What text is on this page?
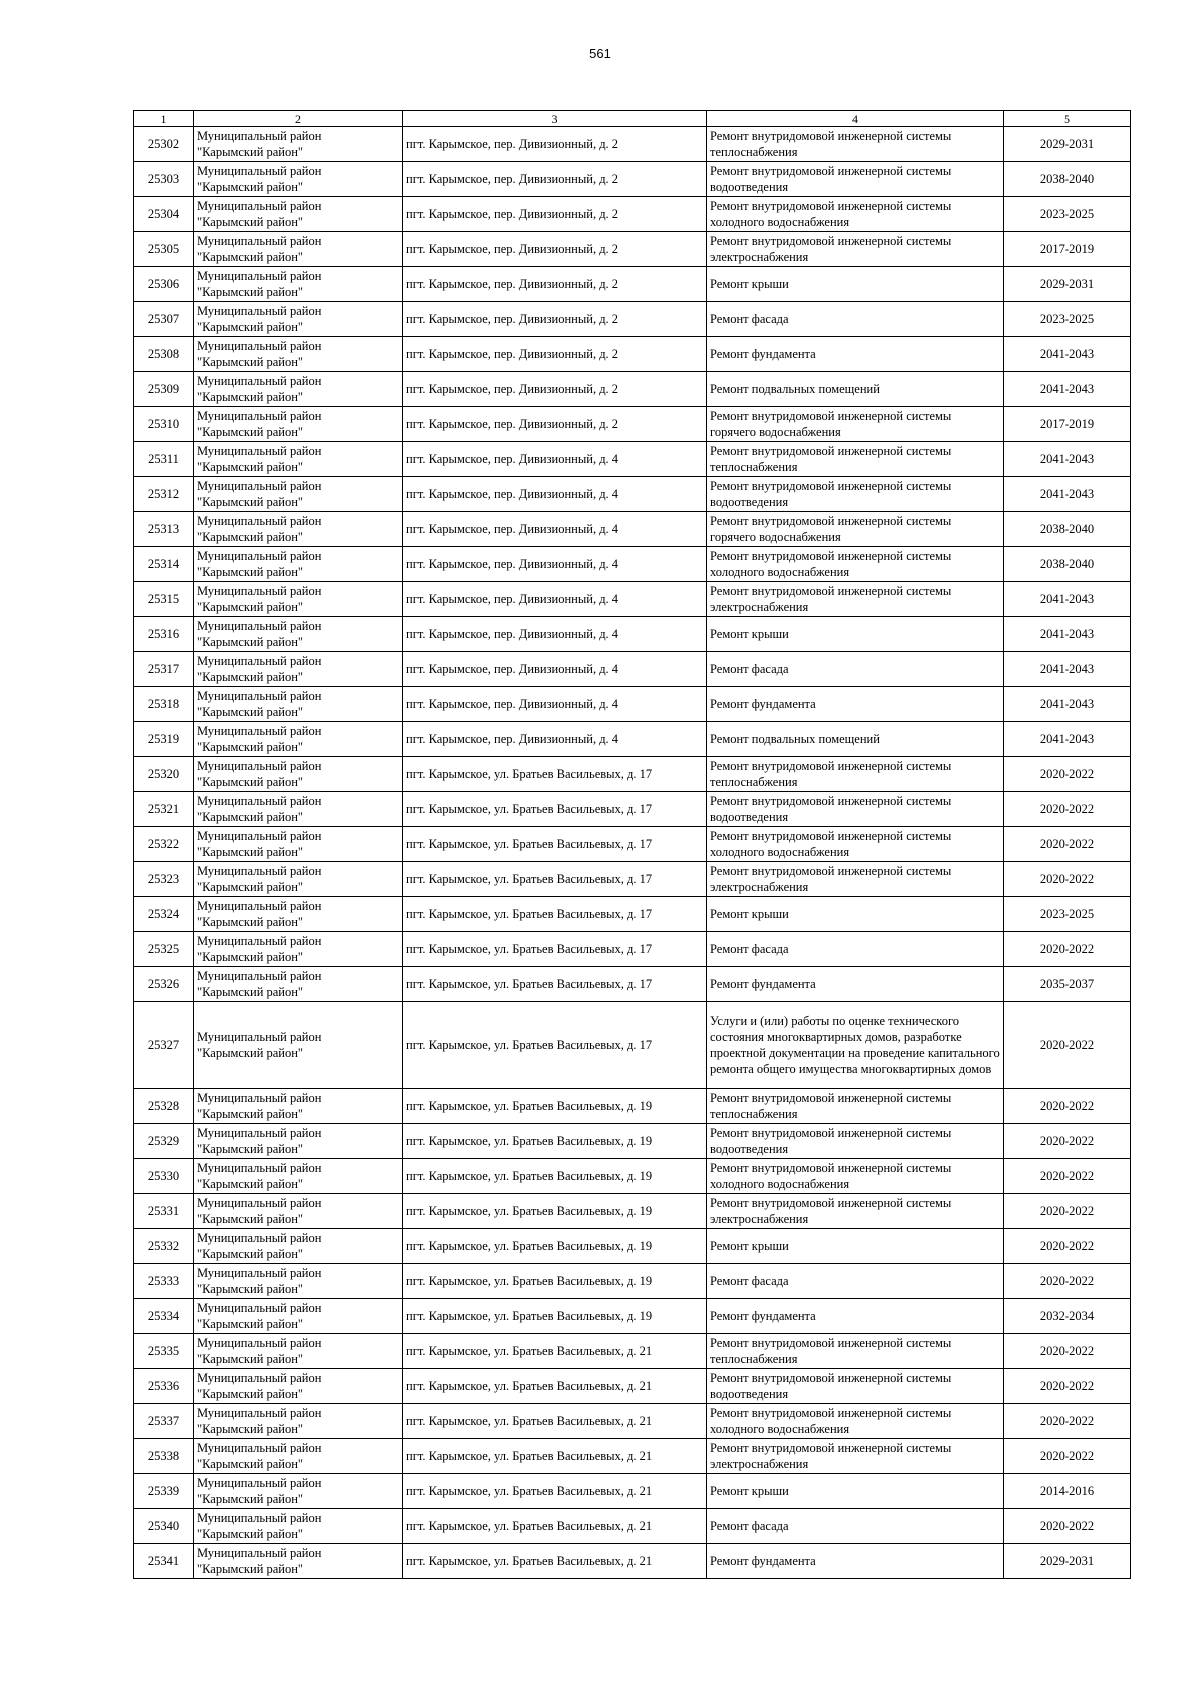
561
1	2	3	4	5
25302	Муниципальный район
"Карымский район"	пгт. Карымское, пер. Дивизионный, д. 2	Ремонт внутридомовой инженерной системы теплоснабжения	2029-2031
25303	Муниципальный район
"Карымский район"	пгт. Карымское, пер. Дивизионный, д. 2	Ремонт внутридомовой инженерной системы водоотведения	2038-2040
25304	Муниципальный район
"Карымский район"	пгт. Карымское, пер. Дивизионный, д. 2	Ремонт внутридомовой инженерной системы холодного водоснабжения	2023-2025
25305	Муниципальный район
"Карымский район"	пгт. Карымское, пер. Дивизионный, д. 2	Ремонт внутридомовой инженерной системы электроснабжения	2017-2019
25306	Муниципальный район
"Карымский район"	пгт. Карымское, пер. Дивизионный, д. 2	Ремонт крыши	2029-2031
25307	Муниципальный район
"Карымский район"	пгт. Карымское, пер. Дивизионный, д. 2	Ремонт фасада	2023-2025
25308	Муниципальный район
"Карымский район"	пгт. Карымское, пер. Дивизионный, д. 2	Ремонт фундамента	2041-2043
25309	Муниципальный район
"Карымский район"	пгт. Карымское, пер. Дивизионный, д. 2	Ремонт подвальных помещений	2041-2043
25310	Муниципальный район
"Карымский район"	пгт. Карымское, пер. Дивизионный, д. 2	Ремонт внутридомовой инженерной системы горячего водоснабжения	2017-2019
25311	Муниципальный район
"Карымский район"	пгт. Карымское, пер. Дивизионный, д. 4	Ремонт внутридомовой инженерной системы теплоснабжения	2041-2043
25312	Муниципальный район
"Карымский район"	пгт. Карымское, пер. Дивизионный, д. 4	Ремонт внутридомовой инженерной системы водоотведения	2041-2043
25313	Муниципальный район
"Карымский район"	пгт. Карымское, пер. Дивизионный, д. 4	Ремонт внутридомовой инженерной системы горячего водоснабжения	2038-2040
25314	Муниципальный район
"Карымский район"	пгт. Карымское, пер. Дивизионный, д. 4	Ремонт внутридомовой инженерной системы холодного водоснабжения	2038-2040
25315	Муниципальный район
"Карымский район"	пгт. Карымское, пер. Дивизионный, д. 4	Ремонт внутридомовой инженерной системы электроснабжения	2041-2043
25316	Муниципальный район
"Карымский район"	пгт. Карымское, пер. Дивизионный, д. 4	Ремонт крыши	2041-2043
25317	Муниципальный район
"Карымский район"	пгт. Карымское, пер. Дивизионный, д. 4	Ремонт фасада	2041-2043
25318	Муниципальный район
"Карымский район"	пгт. Карымское, пер. Дивизионный, д. 4	Ремонт фундамента	2041-2043
25319	Муниципальный район
"Карымский район"	пгт. Карымское, пер. Дивизионный, д. 4	Ремонт подвальных помещений	2041-2043
25320	Муниципальный район
"Карымский район"	пгт. Карымское, ул. Братьев Васильевых, д. 17	Ремонт внутридомовой инженерной системы теплоснабжения	2020-2022
25321	Муниципальный район
"Карымский район"	пгт. Карымское, ул. Братьев Васильевых, д. 17	Ремонт внутридомовой инженерной системы водоотведения	2020-2022
25322	Муниципальный район
"Карымский район"	пгт. Карымское, ул. Братьев Васильевых, д. 17	Ремонт внутридомовой инженерной системы холодного водоснабжения	2020-2022
25323	Муниципальный район
"Карымский район"	пгт. Карымское, ул. Братьев Васильевых, д. 17	Ремонт внутридомовой инженерной системы электроснабжения	2020-2022
25324	Муниципальный район
"Карымский район"	пгт. Карымское, ул. Братьев Васильевых, д. 17	Ремонт крыши	2023-2025
25325	Муниципальный район
"Карымский район"	пгт. Карымское, ул. Братьев Васильевых, д. 17	Ремонт фасада	2020-2022
25326	Муниципальный район
"Карымский район"	пгт. Карымское, ул. Братьев Васильевых, д. 17	Ремонт фундамента	2035-2037
25327	Муниципальный район
"Карымский район"	пгт. Карымское, ул. Братьев Васильевых, д. 17	Услуги и (или) работы по оценке технического состояния многоквартирных домов, разработке проектной документации на проведение капитального ремонта общего имущества многоквартирных домов	2020-2022
25328	Муниципальный район
"Карымский район"	пгт. Карымское, ул. Братьев Васильевых, д. 19	Ремонт внутридомовой инженерной системы теплоснабжения	2020-2022
25329	Муниципальный район
"Карымский район"	пгт. Карымское, ул. Братьев Васильевых, д. 19	Ремонт внутридомовой инженерной системы водоотведения	2020-2022
25330	Муниципальный район
"Карымский район"	пгт. Карымское, ул. Братьев Васильевых, д. 19	Ремонт внутридомовой инженерной системы холодного водоснабжения	2020-2022
25331	Муниципальный район
"Карымский район"	пгт. Карымское, ул. Братьев Васильевых, д. 19	Ремонт внутридомовой инженерной системы электроснабжения	2020-2022
25332	Муниципальный район
"Карымский район"	пгт. Карымское, ул. Братьев Васильевых, д. 19	Ремонт крыши	2020-2022
25333	Муниципальный район
"Карымский район"	пгт. Карымское, ул. Братьев Васильевых, д. 19	Ремонт фасада	2020-2022
25334	Муниципальный район
"Карымский район"	пгт. Карымское, ул. Братьев Васильевых, д. 19	Ремонт фундамента	2032-2034
25335	Муниципальный район
"Карымский район"	пгт. Карымское, ул. Братьев Васильевых, д. 21	Ремонт внутридомовой инженерной системы теплоснабжения	2020-2022
25336	Муниципальный район
"Карымский район"	пгт. Карымское, ул. Братьев Васильевых, д. 21	Ремонт внутридомовой инженерной системы водоотведения	2020-2022
25337	Муниципальный район
"Карымский район"	пгт. Карымское, ул. Братьев Васильевых, д. 21	Ремонт внутридомовой инженерной системы холодного водоснабжения	2020-2022
25338	Муниципальный район
"Карымский район"	пгт. Карымское, ул. Братьев Васильевых, д. 21	Ремонт внутридомовой инженерной системы электроснабжения	2020-2022
25339	Муниципальный район
"Карымский район"	пгт. Карымское, ул. Братьев Васильевых, д. 21	Ремонт крыши	2014-2016
25340	Муниципальный район
"Карымский район"	пгт. Карымское, ул. Братьев Васильевых, д. 21	Ремонт фасада	2020-2022
25341	Муниципальный район
"Карымский район"	пгт. Карымское, ул. Братьев Васильевых, д. 21	Ремонт фундамента	2029-2031
